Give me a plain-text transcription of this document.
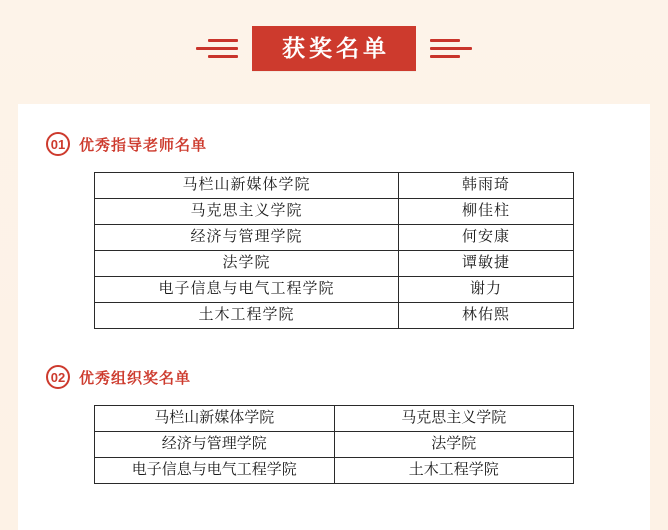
获奖名单
01 优秀指导老师名单
马栏山新媒体学院	韩雨琦
马克思主义学院	柳佳柱
经济与管理学院	何安康
法学院	谭敏捷
电子信息与电气工程学院	谢力
土木工程学院	林佑熙
02 优秀组织奖名单
马栏山新媒体学院	马克思主义学院
经济与管理学院	法学院
电子信息与电气工程学院	土木工程学院
